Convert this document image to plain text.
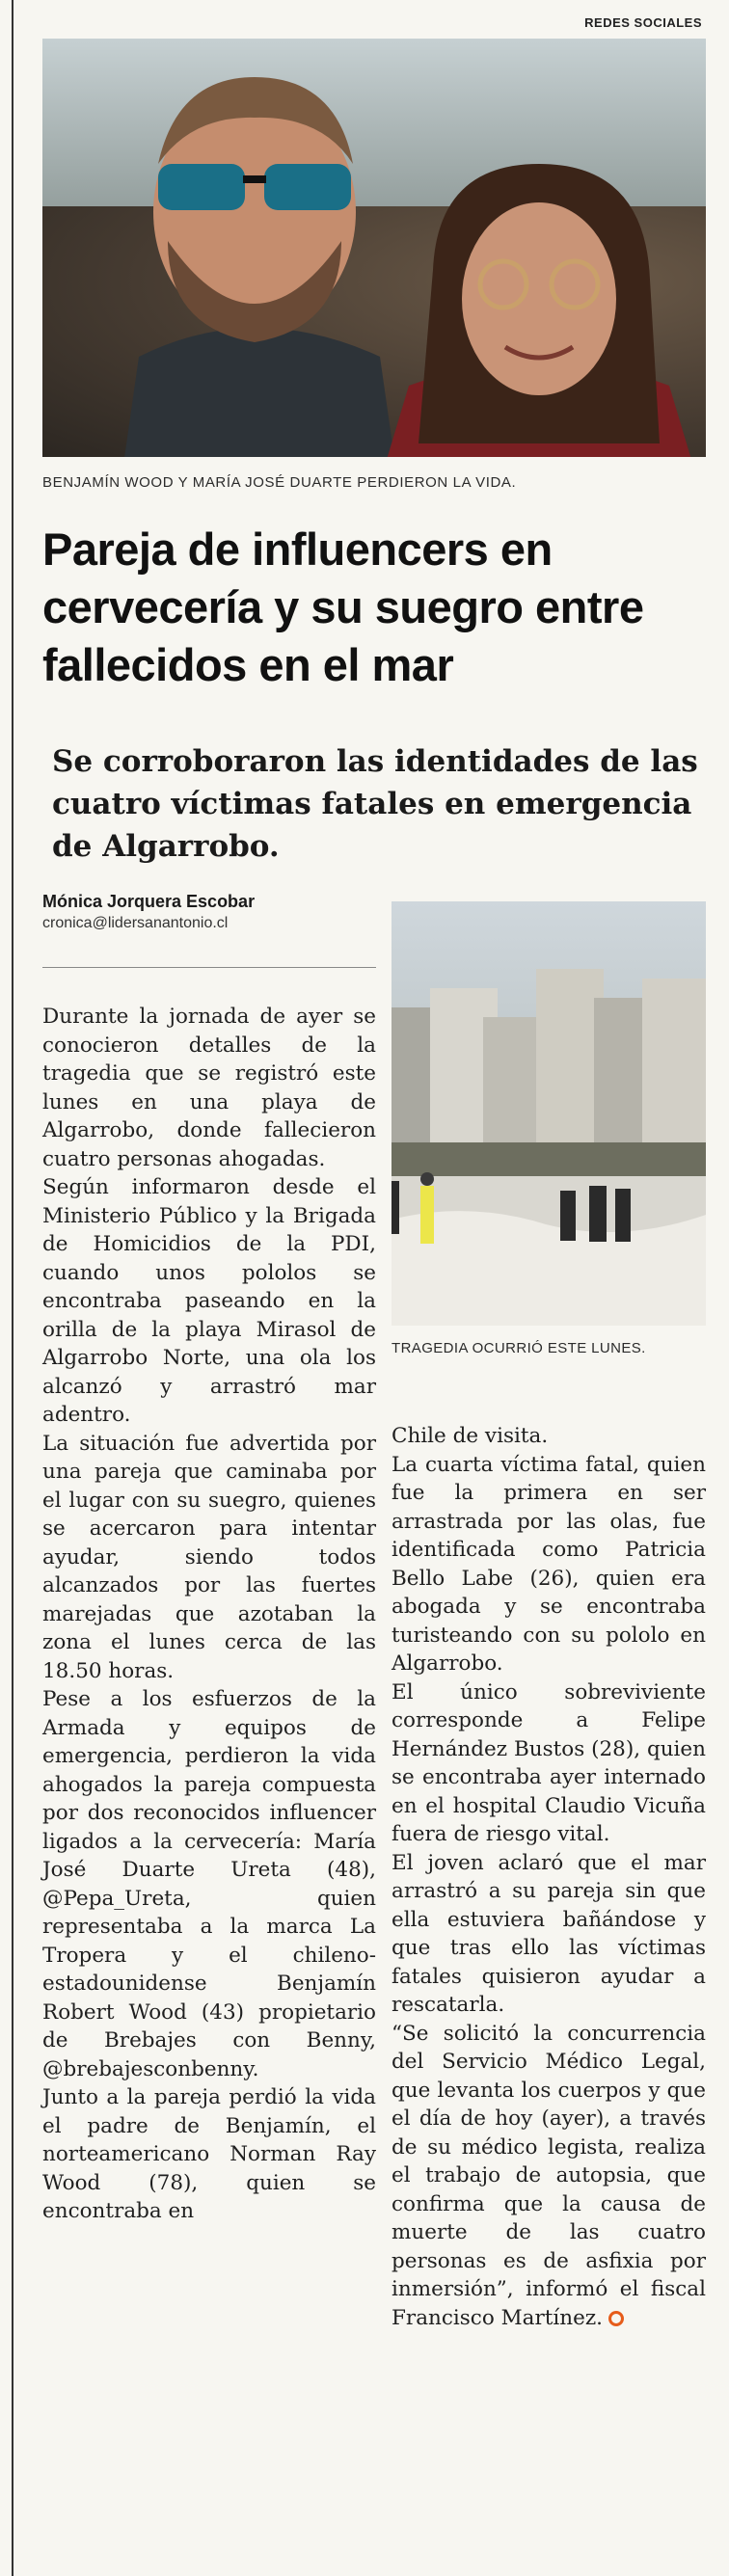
REDES SOCIALES
BENJAMÍN WOOD Y MARÍA JOSÉ DUARTE PERDIERON LA VIDA.
Pareja de influencers en cervecería y su suegro entre fallecidos en el mar
Se corroboraron las identidades de las cuatro víctimas fatales en emergencia de Algarrobo.
Mónica Jorquera Escobar
cronica@lidersanantonio.cl
TRAGEDIA OCURRIÓ ESTE LUNES.

Durante la jornada de ayer se conocieron detalles de la tragedia que se registró este lunes en una playa de Algarrobo, donde fallecieron cuatro personas ahogadas.

Según informaron desde el Ministerio Público y la Brigada de Homicidios de la PDI, cuando unos pololos se encontraba paseando en la orilla de la playa Mirasol de Algarrobo Norte, una ola los alcanzó y arrastró mar adentro.

La situación fue advertida por una pareja que caminaba por el lugar con su suegro, quienes se acercaron para intentar ayudar, siendo todos alcanzados por las fuertes marejadas que azotaban la zona el lunes cerca de las 18.50 horas.

Pese a los esfuerzos de la Armada y equipos de emergencia, perdieron la vida ahogados la pareja compuesta por dos reconocidos influencer ligados a la cervecería: María José Duarte Ureta (48), @Pepa_Ureta, quien representaba a la marca La Tropera y el chileno-estadounidense Benjamín Robert Wood (43) propietario de Brebajes con Benny, @brebajesconbenny.

Junto a la pareja perdió la vida el padre de Benjamín, el norteamericano Norman Ray Wood (78), quien se encontraba en

Chile de visita.

La cuarta víctima fatal, quien fue la primera en ser arrastrada por las olas, fue identificada como Patricia Bello Labe (26), quien era abogada y se encontraba turisteando con su pololo en Algarrobo.

El único sobreviviente corresponde a Felipe Hernández Bustos (28), quien se encontraba ayer internado en el hospital Claudio Vicuña fuera de riesgo vital.

El joven aclaró que el mar arrastró a su pareja sin que ella estuviera bañándose y que tras ello las víctimas fatales quisieron ayudar a rescatarla.

“Se solicitó la concurrencia del Servicio Médico Legal, que levanta los cuerpos y que el día de hoy (ayer), a través de su médico legista, realiza el trabajo de autopsia, que confirma que la causa de muerte de las cuatro personas es de asfixia por inmersión”, informó el fiscal Francisco Martínez.
